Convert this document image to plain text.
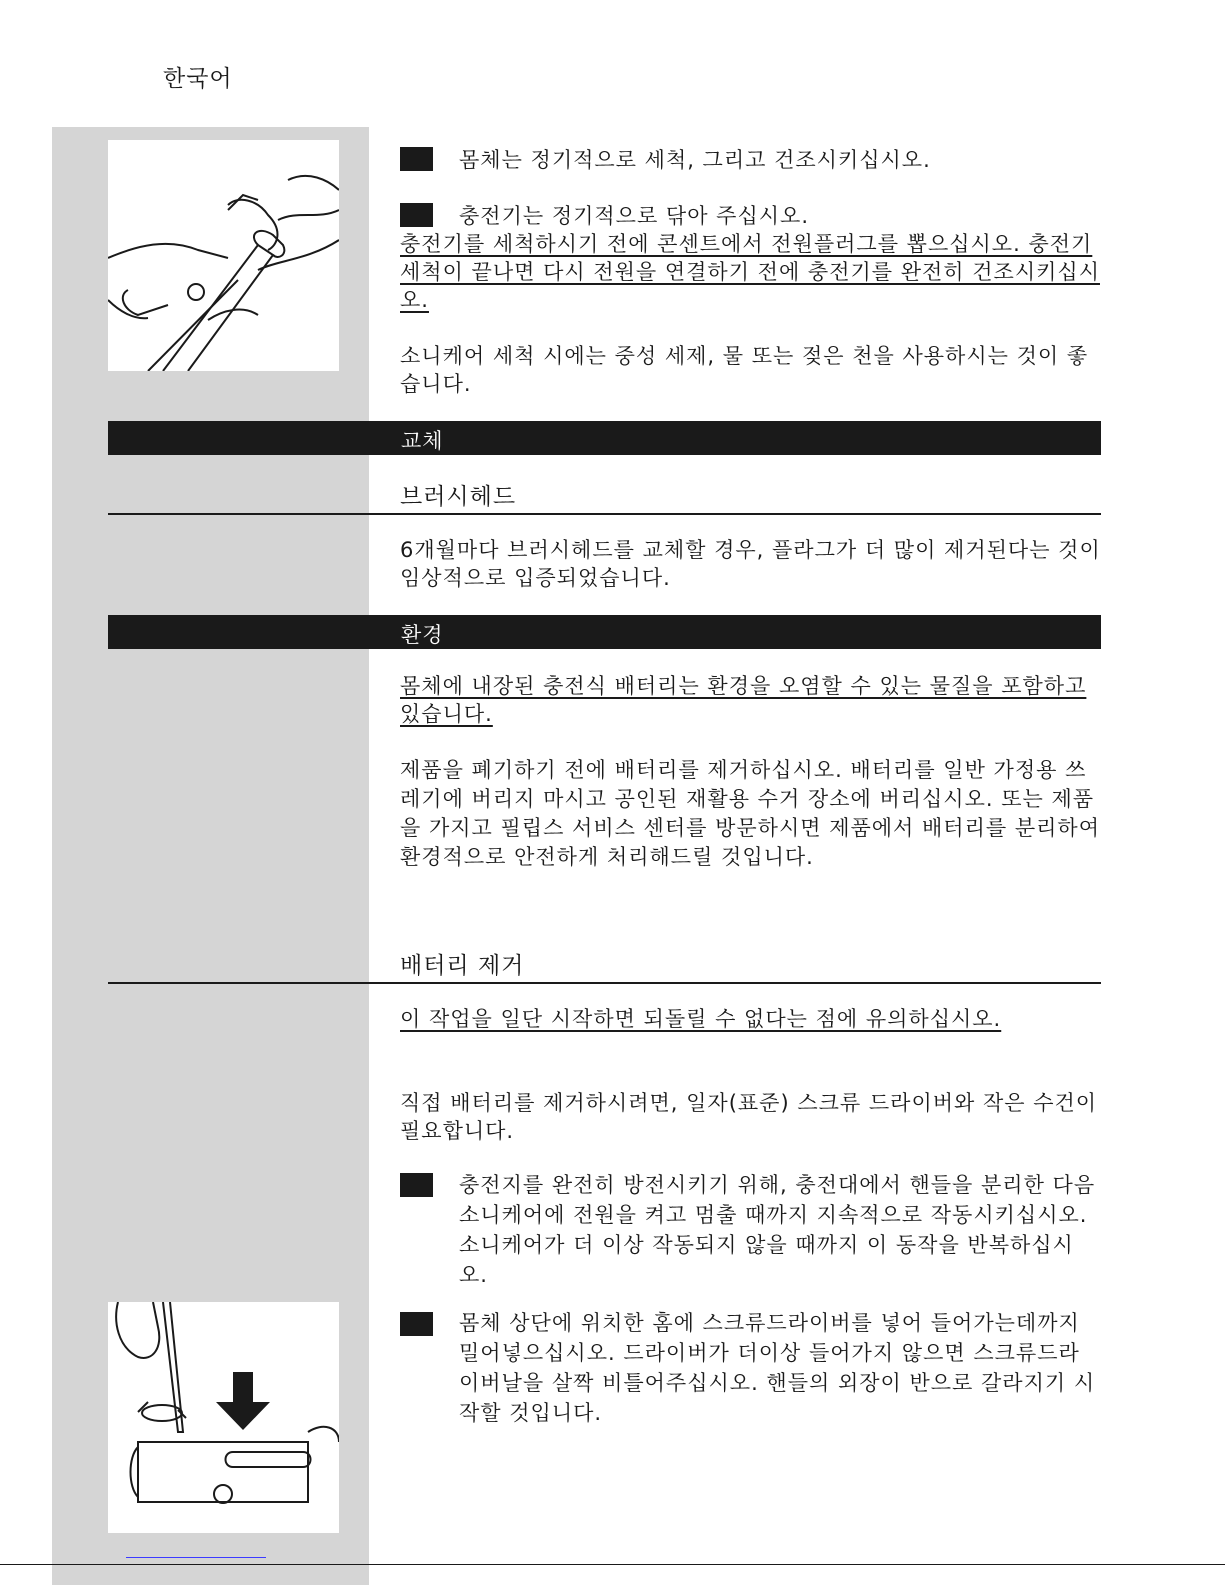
한국어
몸체는 정기적으로 세척, 그리고 건조시키십시오.
충전기는 정기적으로 닦아 주십시오.
충전기를 세척하시기 전에 콘센트에서 전원플러그를 뽑으십시오. 충전기 세척이 끝나면 다시 전원을 연결하기 전에 충전기를 완전히 건조시키십시오.
소니케어 세척 시에는 중성 세제, 물 또는 젖은 천을 사용하시는 것이 좋습니다.
교체
브러시헤드
6개월마다 브러시헤드를 교체할 경우, 플라그가 더 많이 제거된다는 것이 임상적으로 입증되었습니다.
환경
몸체에 내장된 충전식 배터리는 환경을 오염할 수 있는 물질을 포함하고 있습니다.
제품을 폐기하기 전에 배터리를 제거하십시오. 배터리를 일반 가정용 쓰레기에 버리지 마시고 공인된 재활용 수거 장소에 버리십시오. 또는 제품을 가지고 필립스 서비스 센터를 방문하시면 제품에서 배터리를 분리하여 환경적으로 안전하게 처리해드릴 것입니다.
배터리 제거
이 작업을 일단 시작하면 되돌릴 수 없다는 점에 유의하십시오.
직접 배터리를 제거하시려면, 일자(표준) 스크류 드라이버와 작은 수건이 필요합니다.
충전지를 완전히 방전시키기 위해, 충전대에서 핸들을 분리한 다음 소니케어에 전원을 켜고 멈출 때까지 지속적으로 작동시키십시오. 소니케어가 더 이상 작동되지 않을 때까지 이 동작을 반복하십시오.
몸체 상단에 위치한 홈에 스크류드라이버를 넣어 들어가는데까지 밀어넣으십시오. 드라이버가 더이상 들어가지 않으면 스크류드라이버날을 살짝 비틀어주십시오. 핸들의 외장이 반으로 갈라지기 시작할 것입니다.
